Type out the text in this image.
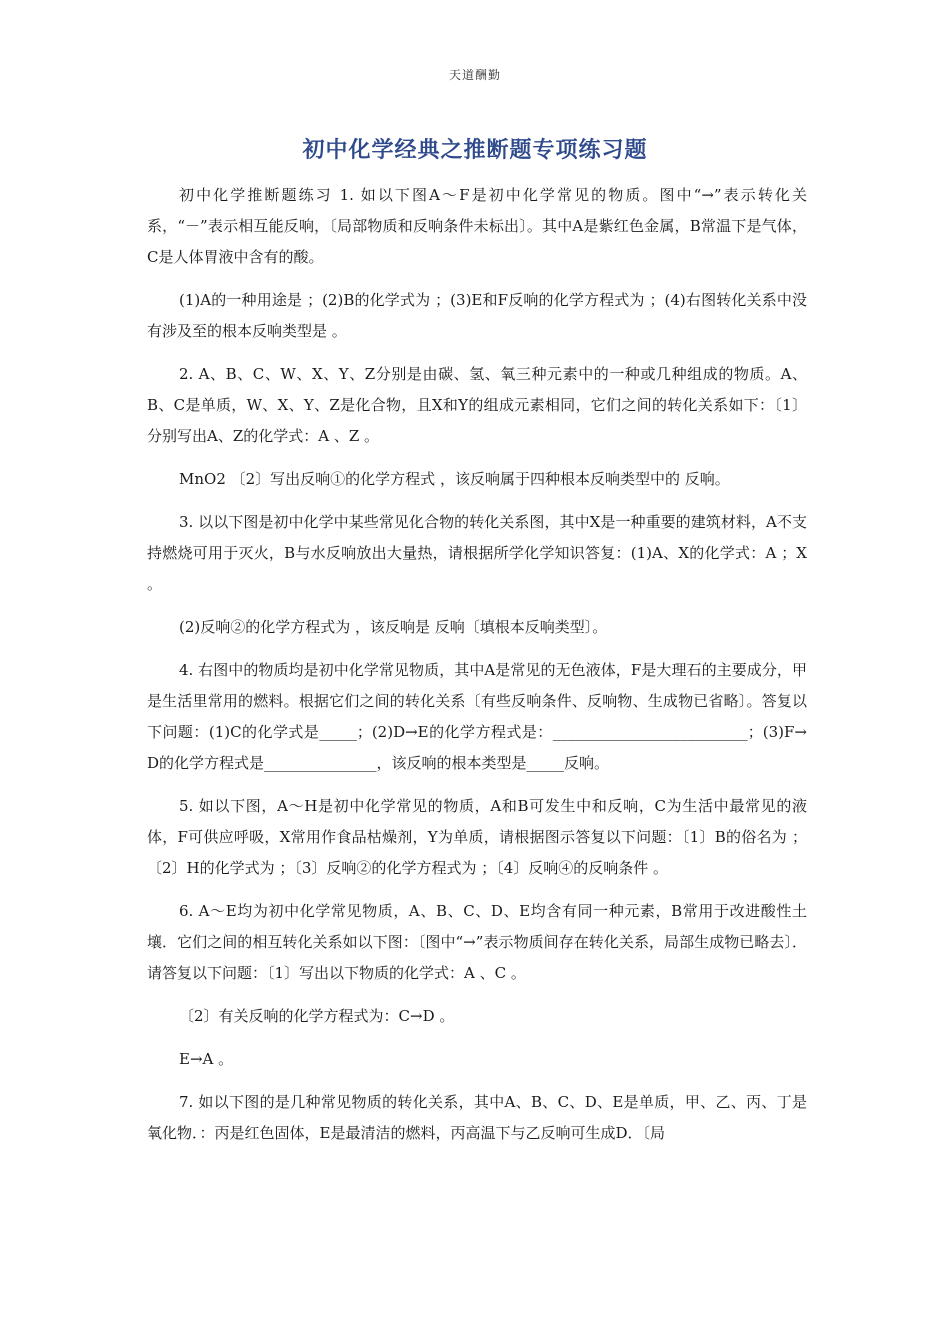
天道酬勤
初中化学经典之推断题专项练习题

初中化学推断题练习 1. 如以下图A～F是初中化学常见的物质。图中“→”表示转化关系，“－”表示相互能反响，〔局部物质和反响条件未标出〕。其中A是紫红色金属，B常温下是气体，C是人体胃液中含有的酸。

(1)A的一种用途是 ；(2)B的化学式为 ；(3)E和F反响的化学方程式为 ；(4)右图转化关系中没有涉及至的根本反响类型是 。

2. A、B、C、W、X、Y、Z分别是由碳、氢、氧三种元素中的一种或几种组成的物质。A、B、C是单质，W、X、Y、Z是化合物，且X和Y的组成元素相同，它们之间的转化关系如下：〔1〕分别写出A、Z的化学式：A 、Z 。

MnO2 〔2〕写出反响①的化学方程式 ，该反响属于四种根本反响类型中的 反响。

3. 以以下图是初中化学中某些常见化合物的转化关系图，其中X是一种重要的建筑材料，A不支持燃烧可用于灭火，B与水反响放出大量热，请根据所学化学知识答复：(1)A、X的化学式：A ；X 。

(2)反响②的化学方程式为 ，该反响是 反响〔填根本反响类型〕。

4. 右图中的物质均是初中化学常见物质，其中A是常见的无色液体，F是大理石的主要成分，甲是生活里常用的燃料。根据它们之间的转化关系〔有些反响条件、反响物、生成物已省略〕。答复以下问题：(1)C的化学式是_____；(2)D→E的化学方程式是：__________________________；(3)F→D的化学方程式是_______________，该反响的根本类型是_____反响。

5. 如以下图，A～H是初中化学常见的物质，A和B可发生中和反响，C为生活中最常见的液体，F可供应呼吸，X常用作食品枯燥剂，Y为单质，请根据图示答复以下问题：〔1〕B的俗名为 ；〔2〕H的化学式为 ；〔3〕反响②的化学方程式为 ；〔4〕反响④的反响条件 。

6. A～E均为初中化学常见物质，A、B、C、D、E均含有同一种元素，B常用于改进酸性土壤．它们之间的相互转化关系如以下图：〔图中“→”表示物质间存在转化关系，局部生成物已略去〕．请答复以下问题：〔1〕写出以下物质的化学式：A 、C 。

〔2〕有关反响的化学方程式为：C→D 。

E→A 。

7. 如以下图的是几种常见物质的转化关系，其中A、B、C、D、E是单质，甲、乙、丙、丁是氧化物．：丙是红色固体，E是最清洁的燃料，丙高温下与乙反响可生成D．〔局
